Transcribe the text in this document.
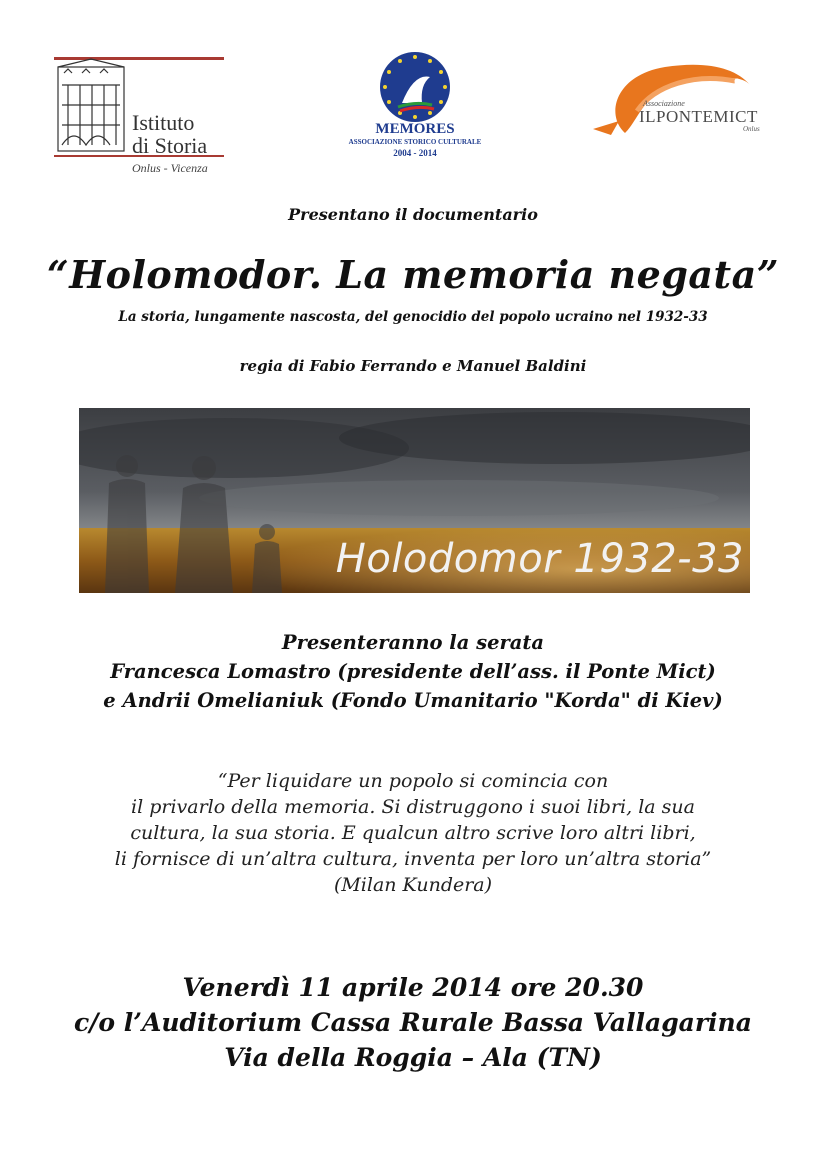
Istituto
di Storia
Onlus - Vicenza
MEMORES
ASSOCIAZIONE STORICO CULTURALE
2004 - 2014
Associazione
ILPONTEMICT
Onlus
Presentano il documentario
“Holomodor. La memoria negata”
La storia, lungamente nascosta, del genocidio del popolo ucraino nel 1932-33
regia di Fabio Ferrando e Manuel Baldini
Holodomor 1932-33
Presenteranno la serata
Francesca Lomastro (presidente dell’ass. il Ponte Mict)
e Andrii Omelianiuk (Fondo Umanitario "Korda" di Kiev)
“Per liquidare un popolo si comincia con
il privarlo della memoria. Si distruggono i suoi libri, la sua
cultura, la sua storia. E qualcun altro scrive loro altri libri,
li fornisce di un’altra cultura, inventa per loro un’altra storia”
(Milan Kundera)
Venerdì 11 aprile 2014 ore 20.30
c/o l’Auditorium Cassa Rurale Bassa Vallagarina
Via della Roggia – Ala (TN)
